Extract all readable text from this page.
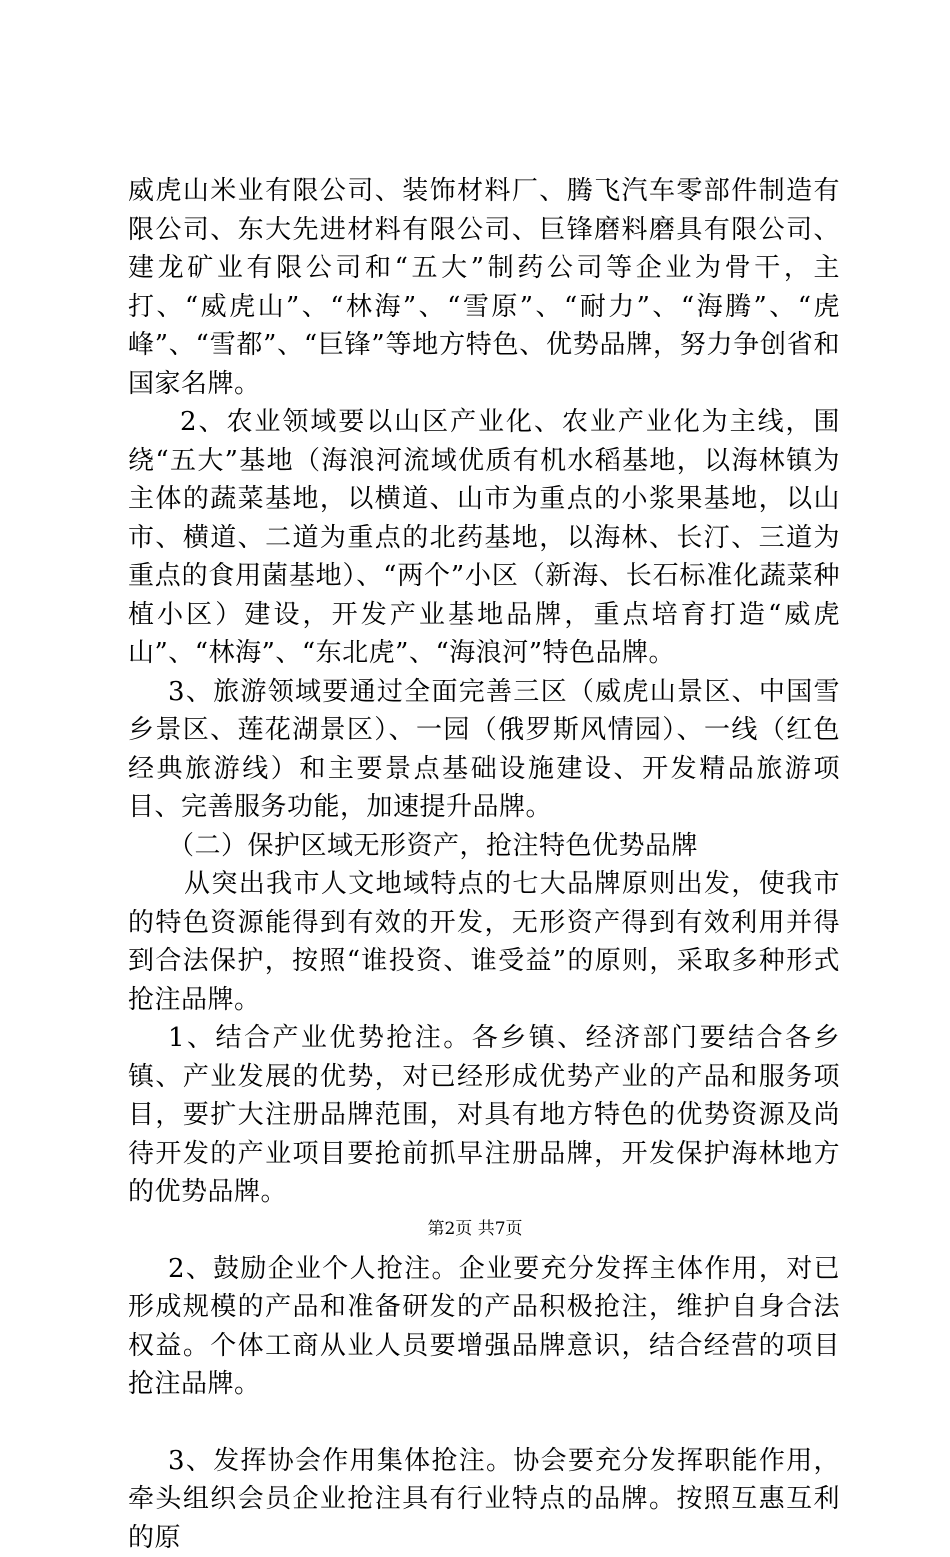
威虎山米业有限公司、装饰材料厂、腾飞汽车零部件制造有限公司、东大先进材料有限公司、巨锋磨料磨具有限公司、建龙矿业有限公司和“五大”制药公司等企业为骨干，主打、“威虎山”、“林海”、“雪原”、“耐力”、“海腾”、“虎峰”、“雪都”、“巨锋”等地方特色、优势品牌，努力争创省和国家名牌。

2、农业领域要以山区产业化、农业产业化为主线，围绕“五大”基地（海浪河流域优质有机水稻基地，以海林镇为主体的蔬菜基地，以横道、山市为重点的小浆果基地，以山市、横道、二道为重点的北药基地，以海林、长汀、三道为重点的食用菌基地）、“两个”小区（新海、长石标准化蔬菜种植小区）建设，开发产业基地品牌，重点培育打造“威虎山”、“林海”、“东北虎”、“海浪河”特色品牌。

3、旅游领域要通过全面完善三区（威虎山景区、中国雪乡景区、莲花湖景区）、一园（俄罗斯风情园）、一线（红色经典旅游线）和主要景点基础设施建设、开发精品旅游项目、完善服务功能，加速提升品牌。

（二）保护区域无形资产，抢注特色优势品牌

从突出我市人文地域特点的七大品牌原则出发，使我市的特色资源能得到有效的开发，无形资产得到有效利用并得到合法保护，按照“谁投资、谁受益”的原则，采取多种形式抢注品牌。

1、结合产业优势抢注。各乡镇、经济部门要结合各乡镇、产业发展的优势，对已经形成优势产业的产品和服务项目，要扩大注册品牌范围，对具有地方特色的优势资源及尚待开发的产业项目要抢前抓早注册品牌，开发保护海林地方的优势品牌。

2、鼓励企业个人抢注。企业要充分发挥主体作用，对已形成规模的产品和准备研发的产品积极抢注，维护自身合法权益。个体工商从业人员要增强品牌意识，结合经营的项目抢注品牌。

3、发挥协会作用集体抢注。协会要充分发挥职能作用，牵头组织会员企业抢注具有行业特点的品牌。按照互惠互利的原

第2页 共7页
